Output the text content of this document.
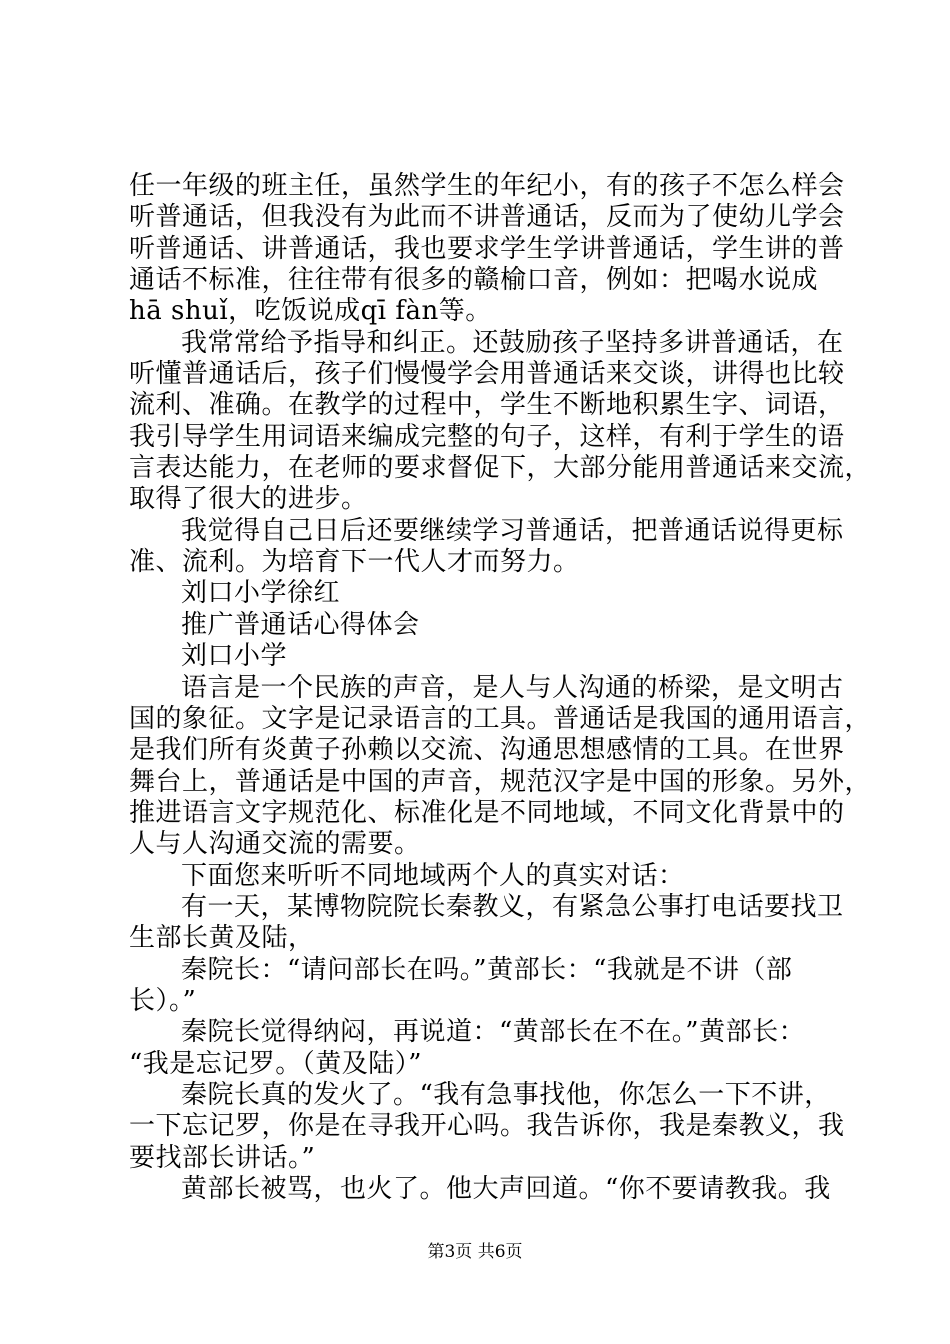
任一年级的班主任，虽然学生的年纪小，有的孩子不怎么样会
听普通话，但我没有为此而不讲普通话，反而为了使幼儿学会
听普通话、讲普通话，我也要求学生学讲普通话，学生讲的普
通话不标准，往往带有很多的赣榆口音，例如：把喝水说成
hā shuǐ，吃饭说成qī fàn等。
我常常给予指导和纠正。还鼓励孩子坚持多讲普通话，在
听懂普通话后，孩子们慢慢学会用普通话来交谈，讲得也比较
流利、准确。在教学的过程中，学生不断地积累生字、词语，
我引导学生用词语来编成完整的句子，这样，有利于学生的语
言表达能力，在老师的要求督促下，大部分能用普通话来交流，
取得了很大的进步。
我觉得自己日后还要继续学习普通话，把普通话说得更标
准、流利。为培育下一代人才而努力。
刘口小学徐红
推广普通话心得体会
刘口小学
语言是一个民族的声音，是人与人沟通的桥梁，是文明古
国的象征。文字是记录语言的工具。普通话是我国的通用语言，
是我们所有炎黄子孙赖以交流、沟通思想感情的工具。在世界
舞台上，普通话是中国的声音，规范汉字是中国的形象。另外，
推进语言文字规范化、标准化是不同地域，不同文化背景中的
人与人沟通交流的需要。
下面您来听听不同地域两个人的真实对话：
有一天，某博物院院长秦教义，有紧急公事打电话要找卫
生部长黄及陆，
秦院长：“请问部长在吗。”黄部长：“我就是不讲（部
长）。”
秦院长觉得纳闷，再说道：“黄部长在不在。”黄部长：
“我是忘记罗。（黄及陆）”
秦院长真的发火了。“我有急事找他，你怎么一下不讲，
一下忘记罗，你是在寻我开心吗。我告诉你，我是秦教义，我
要找部长讲话。”
黄部长被骂，也火了。他大声回道。“你不要请教我。我
第3页 共6页
